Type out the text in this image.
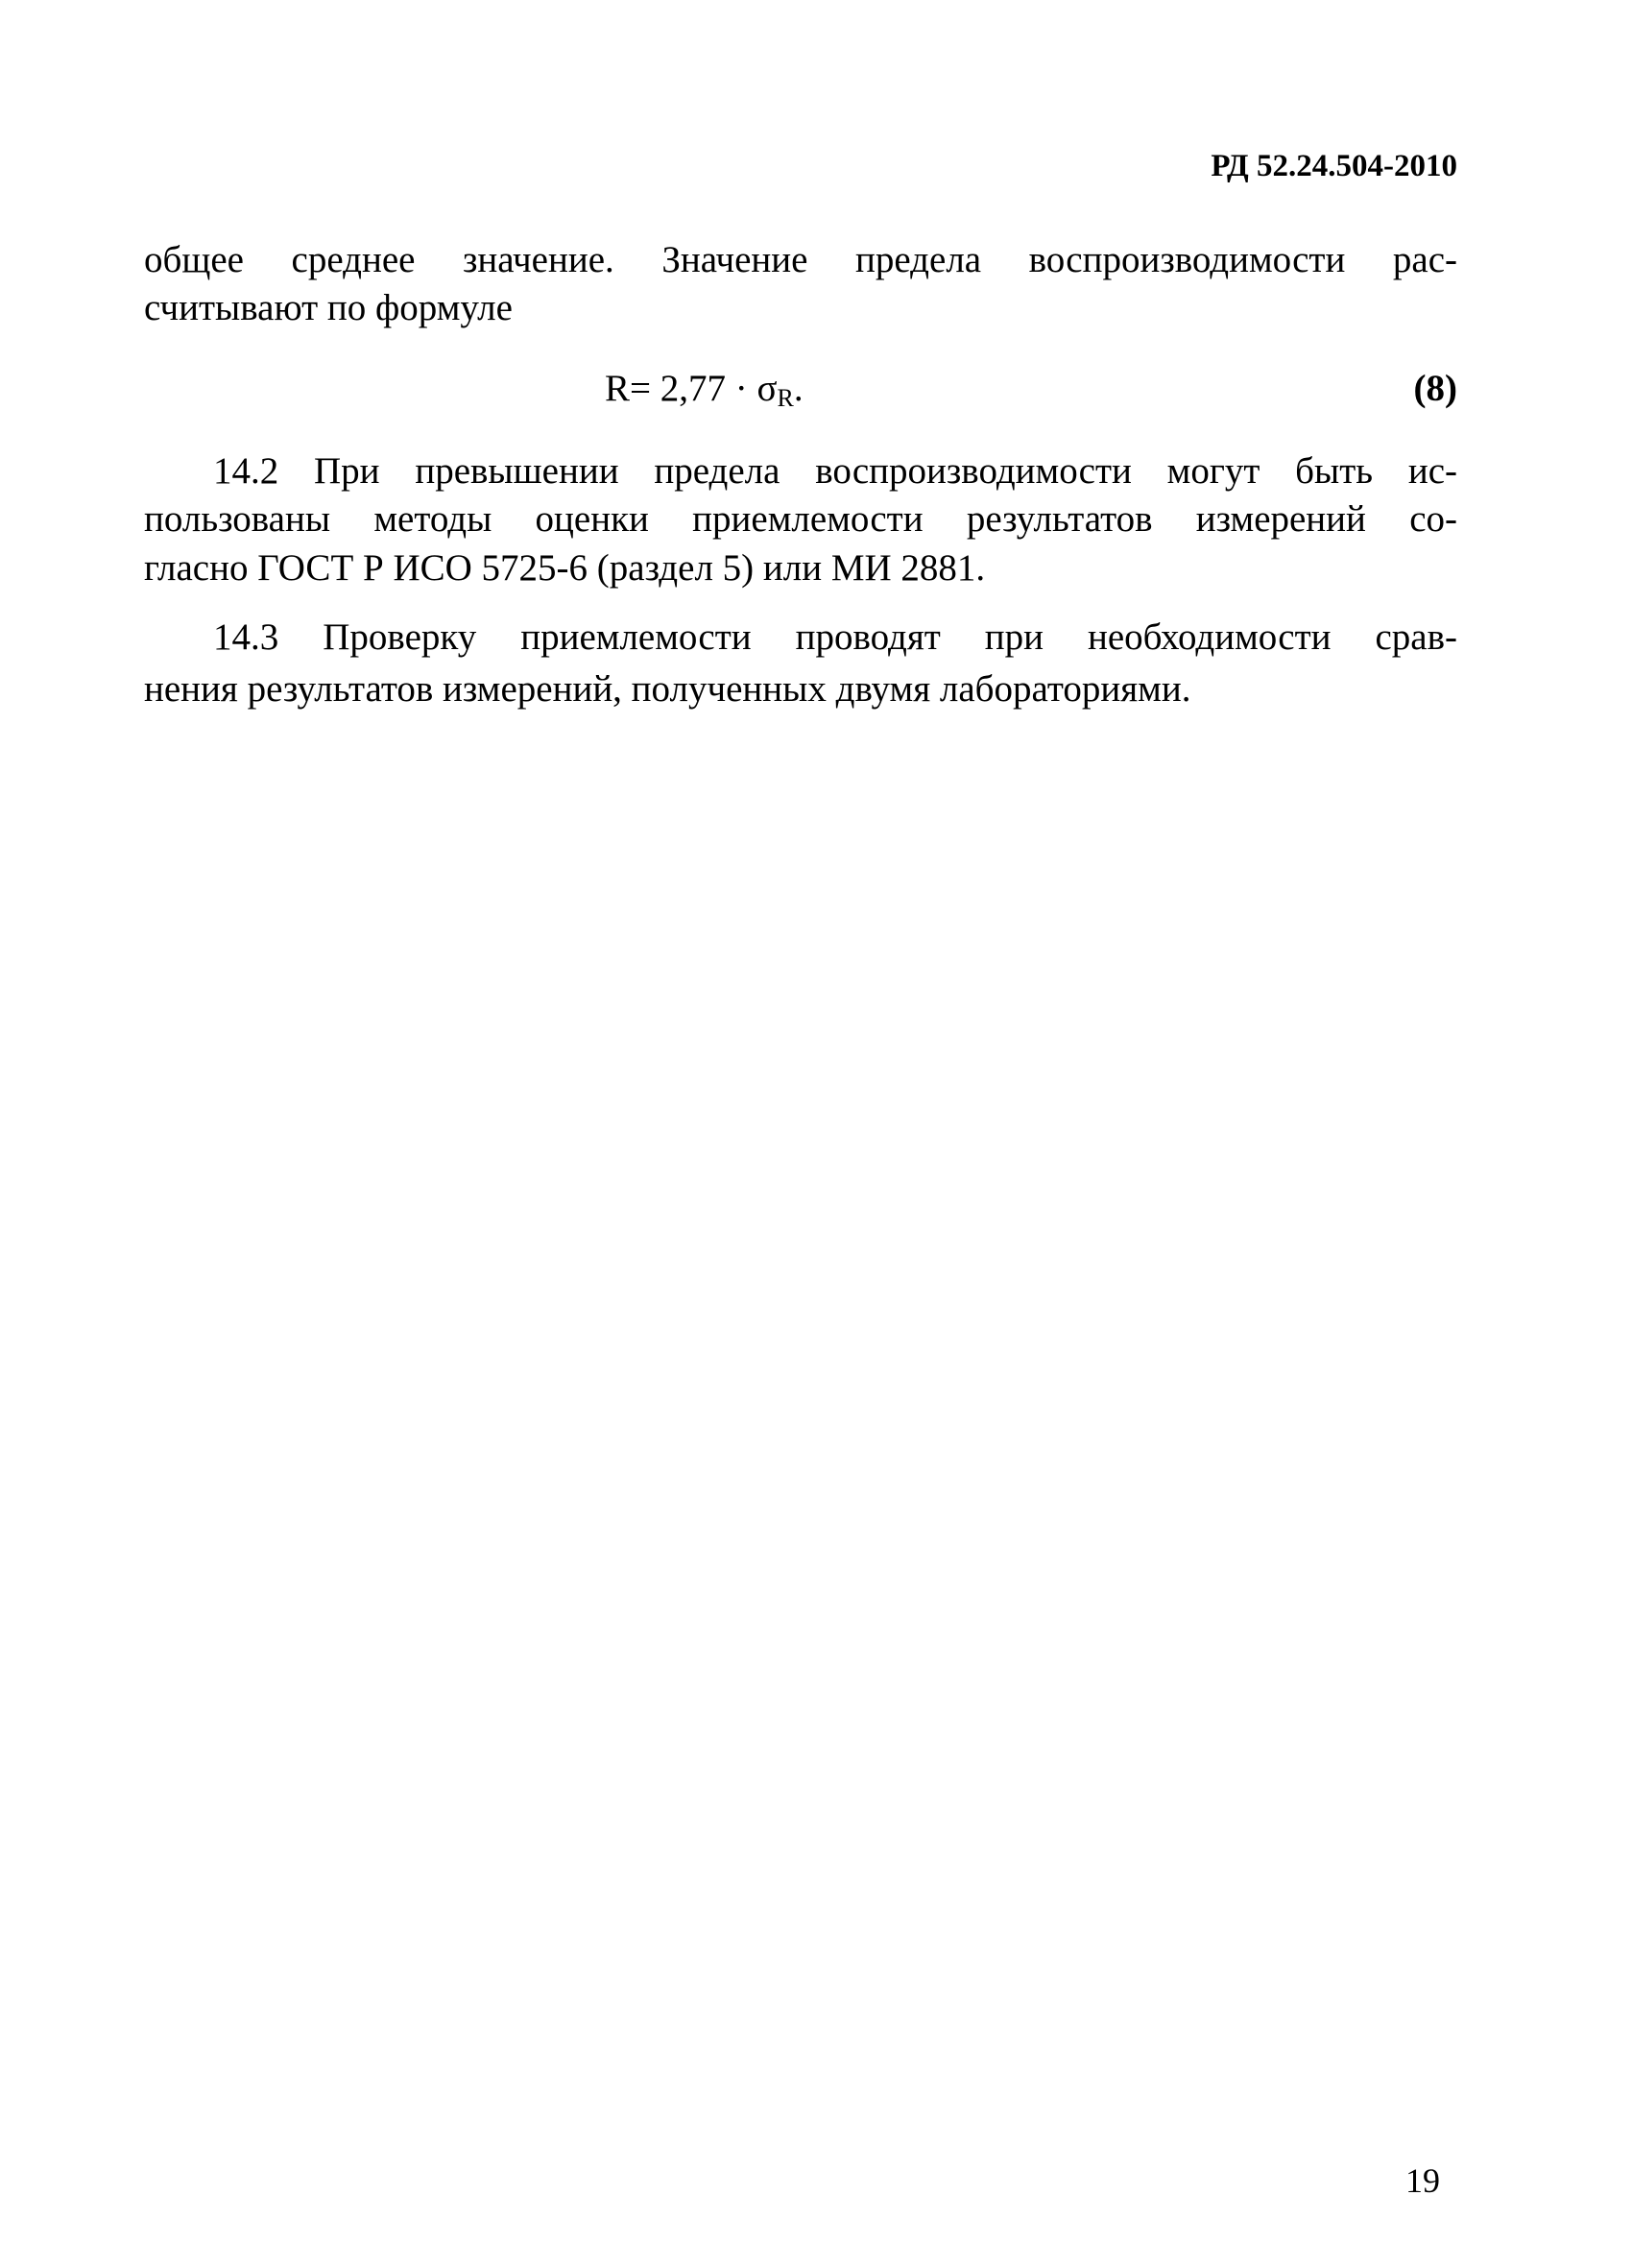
РД 52.24.504-2010
общее среднее значение. Значение предела воспроизводимости рас-
считывают по формуле
$R= 2,77 \cdot \sigma_R$.	(8)
14.2 При превышении предела воспроизводимости могут быть ис-
пользованы методы оценки приемлемости результатов измерений со-
гласно ГОСТ Р ИСО 5725-6 (раздел 5) или МИ 2881.
14.3 Проверку приемлемости проводят при необходимости срав-
нения результатов измерений, полученных двумя лабораториями.
19
